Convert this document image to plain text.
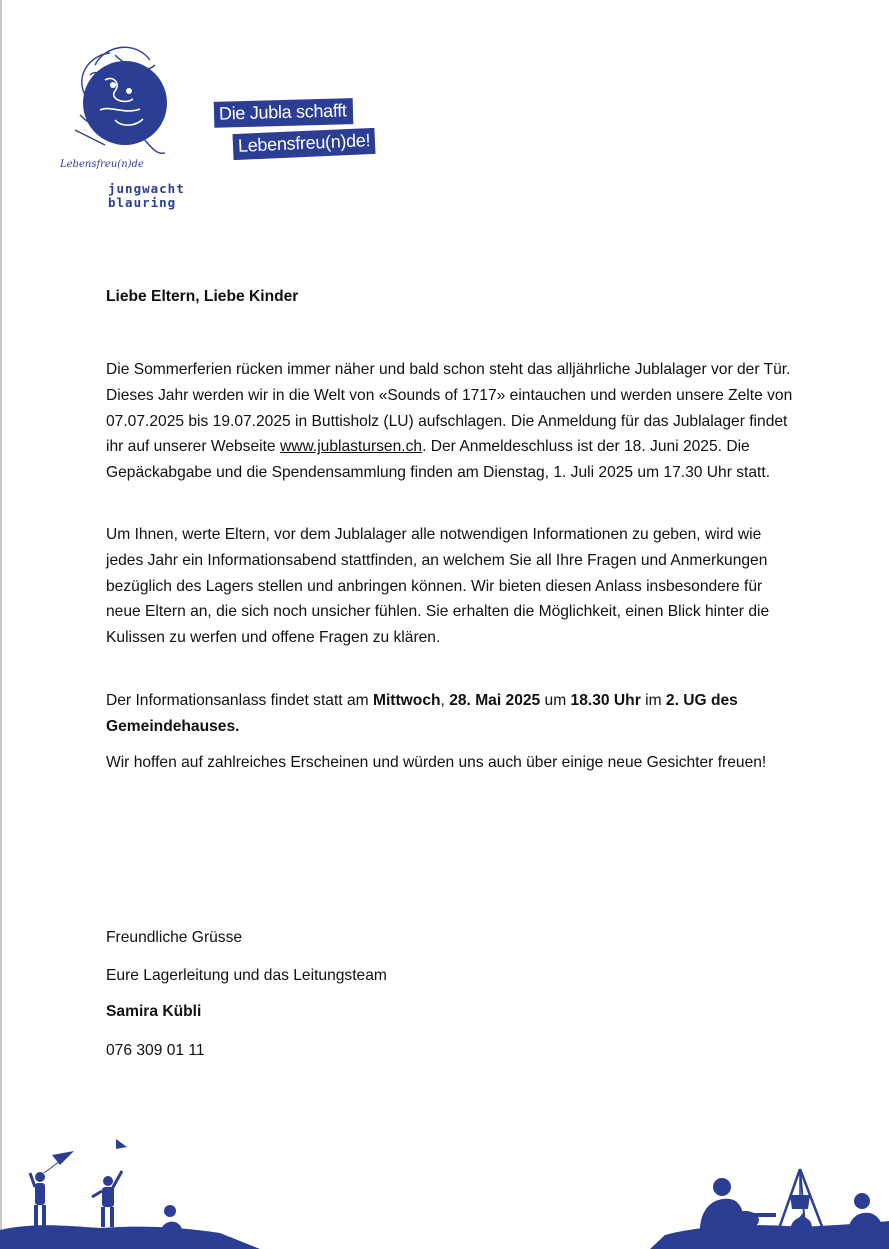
Lebensfreu(n)de
jungwacht
blauring
Die Jubla schafft
Lebensfreu(n)de!

Liebe Eltern, Liebe Kinder

Die Sommerferien rücken immer näher und bald schon steht das alljährliche Jublalager vor der Tür. Dieses Jahr werden wir in die Welt von «Sounds of 1717» eintauchen und werden unsere Zelte von 07.07.2025 bis 19.07.2025 in Buttisholz (LU) aufschlagen. Die Anmeldung für das Jublalager findet ihr auf unserer Webseite www.jublastursen.ch. Der Anmeldeschluss ist der 18. Juni 2025. Die Gepäckabgabe und die Spendensammlung finden am Dienstag, 1. Juli 2025 um 17.30 Uhr statt.

Um Ihnen, werte Eltern, vor dem Jublalager alle notwendigen Informationen zu geben, wird wie jedes Jahr ein Informationsabend stattfinden, an welchem Sie all Ihre Fragen und Anmerkungen bezüglich des Lagers stellen und anbringen können. Wir bieten diesen Anlass insbesondere für neue Eltern an, die sich noch unsicher fühlen. Sie erhalten die Möglichkeit, einen Blick hinter die Kulissen zu werfen und offene Fragen zu klären.

Der Informationsanlass findet statt am Mittwoch, 28. Mai 2025 um 18.30 Uhr im 2. UG des Gemeindehauses.

Wir hoffen auf zahlreiches Erscheinen und würden uns auch über einige neue Gesichter freuen!

Freundliche Grüsse

Eure Lagerleitung und das Leitungsteam

Samira Kübli

076 309 01 11
